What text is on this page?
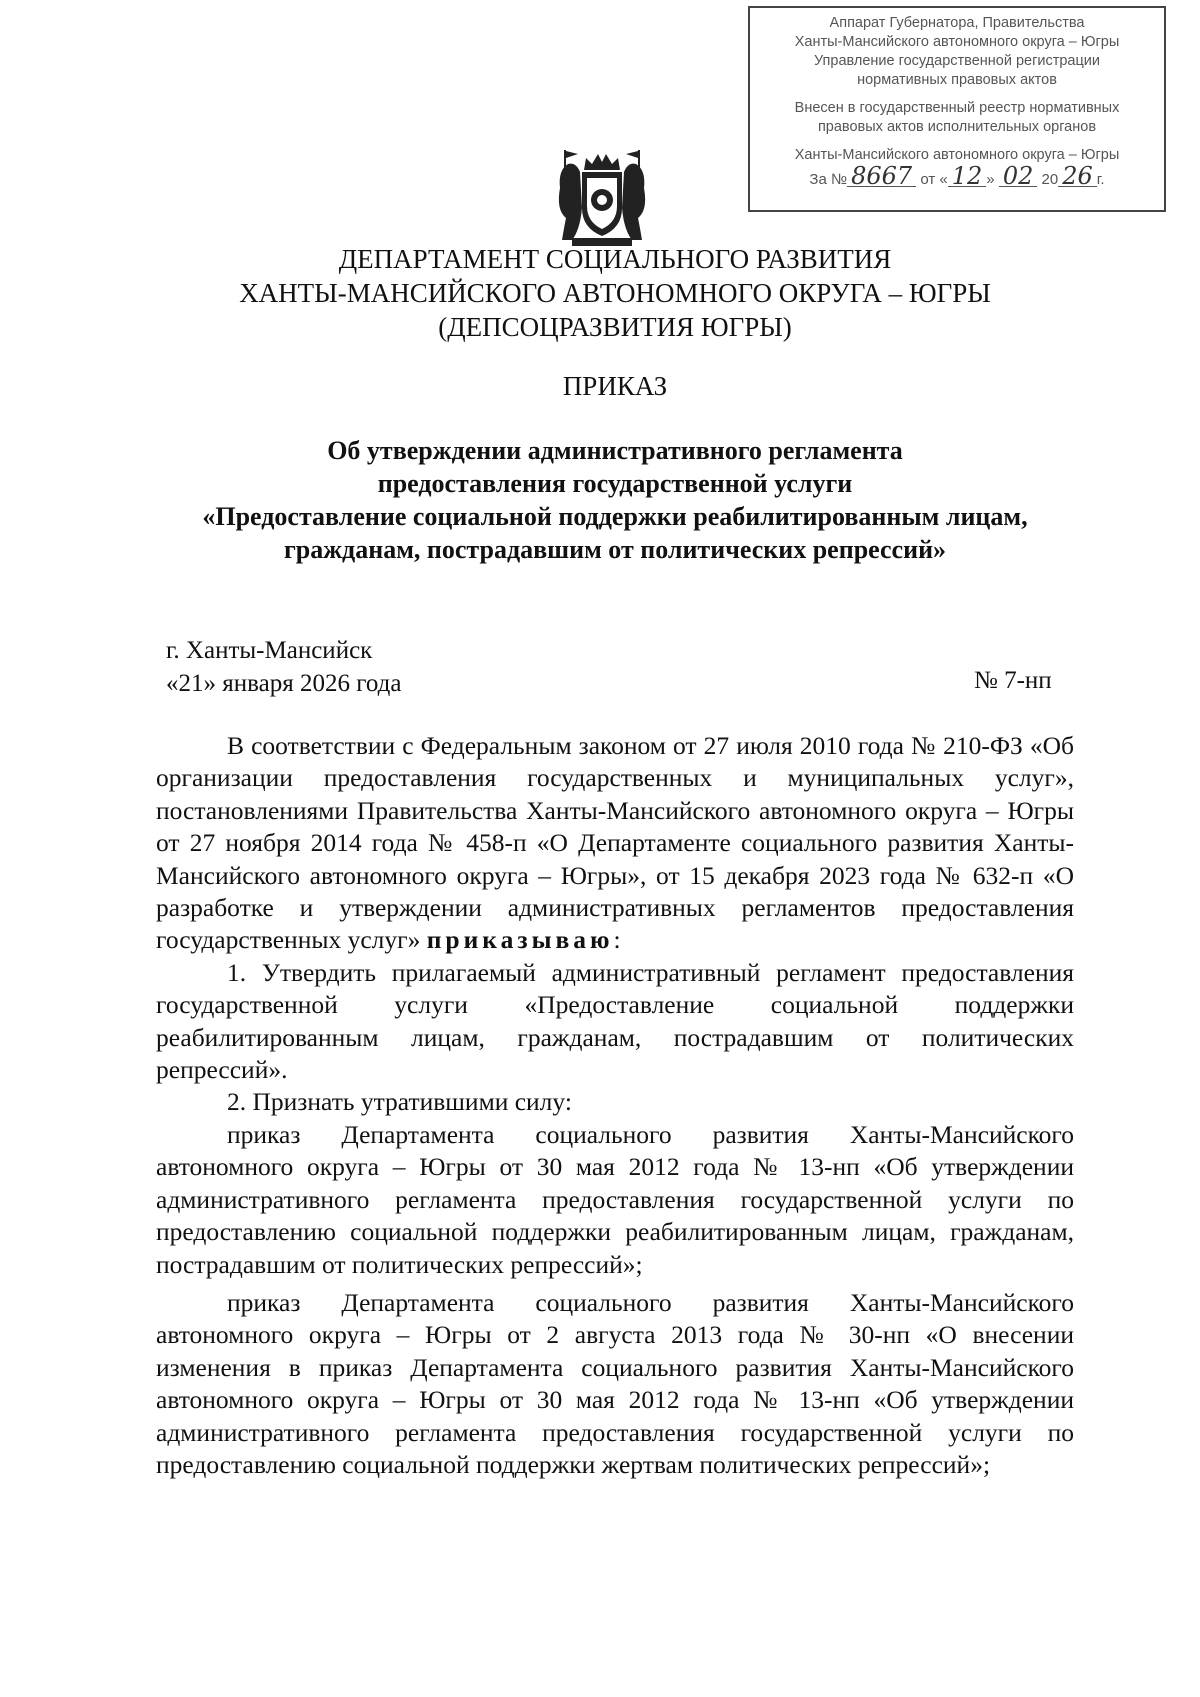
Аппарат Губернатора, Правительства
Ханты-Мансийского автономного округа – Югры
Управление государственной регистрации
нормативных правовых актов
Внесен в государственный реестр нормативных
правовых актов исполнительных органов
Ханты-Мансийского автономного округа – Югры
За № 8667 от « 12 » 02 20 26 г.
ДЕПАРТАМЕНТ СОЦИАЛЬНОГО РАЗВИТИЯ
ХАНТЫ-МАНСИЙСКОГО АВТОНОМНОГО ОКРУГА – ЮГРЫ
(ДЕПСОЦРАЗВИТИЯ ЮГРЫ)
ПРИКАЗ
Об утверждении административного регламента
предоставления государственной услуги
«Предоставление социальной поддержки реабилитированным лицам,
гражданам, пострадавшим от политических репрессий»
г. Ханты-Мансийск
«21» января 2026 года	№ 7-нп

В соответствии с Федеральным законом от 27 июля 2010 года № 210-ФЗ «Об организации предоставления государственных и муниципальных услуг», постановлениями Правительства Ханты-Мансийского автономного округа – Югры от 27 ноября 2014 года № 458-п «О Департаменте социального развития Ханты-Мансийского автономного округа – Югры», от 15 декабря 2023 года № 632-п «О разработке и утверждении административных регламентов предоставления государственных услуг» приказываю:

1. Утвердить прилагаемый административный регламент предоставления государственной услуги «Предоставление социальной поддержки реабилитированным лицам, гражданам, пострадавшим от политических репрессий».

2. Признать утратившими силу:

приказ Департамента социального развития Ханты-Мансийского автономного округа – Югры от 30 мая 2012 года № 13-нп «Об утверждении административного регламента предоставления государственной услуги по предоставлению социальной поддержки реабилитированным лицам, гражданам, пострадавшим от политических репрессий»;

приказ Департамента социального развития Ханты-Мансийского автономного округа – Югры от 2 августа 2013 года № 30-нп «О внесении изменения в приказ Департамента социального развития Ханты-Мансийского автономного округа – Югры от 30 мая 2012 года № 13-нп «Об утверждении административного регламента предоставления государственной услуги по предоставлению социальной поддержки жертвам политических репрессий»;
